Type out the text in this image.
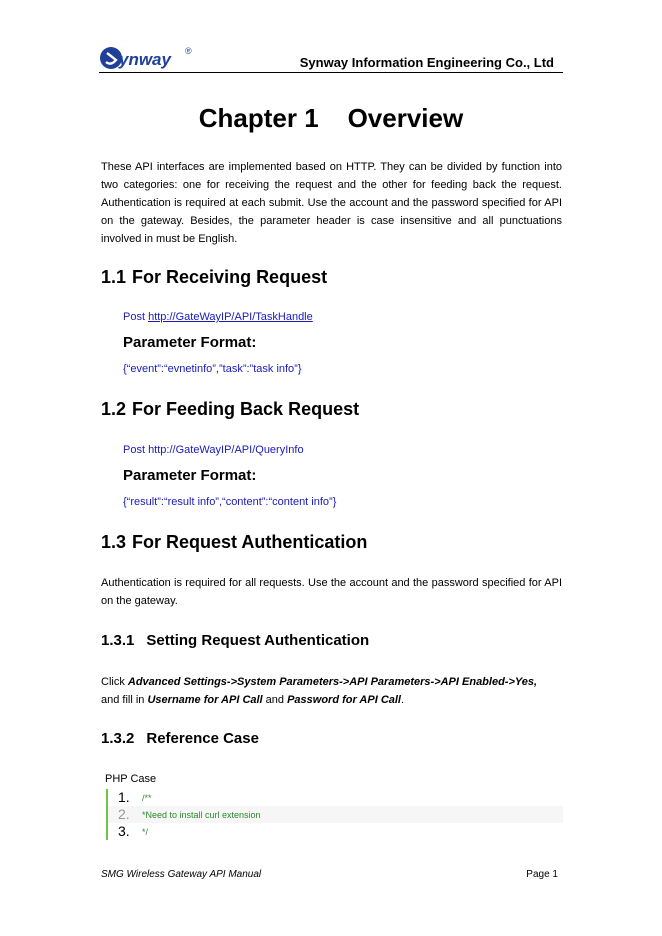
ynway ®
Synway Information Engineering Co., Ltd
Chapter 1    Overview

These API interfaces are implemented based on HTTP. They can be divided by function into two categories: one for receiving the request and the other for feeding back the request. Authentication is required at each submit. Use the account and the password specified for API on the gateway. Besides, the parameter header is case insensitive and all punctuations involved in must be English.

1.1 For Receiving Request
Post http://GateWayIP/API/TaskHandle
Parameter Format:
{“event”:“evnetinfo”,”task”:”task info”}
1.2 For Feeding Back Request
Post http://GateWayIP/API/QueryInfo
Parameter Format:
{“result”:“result info”,“content”:“content info”}
1.3 For Request Authentication

Authentication is required for all requests. Use the account and the password specified for API on the gateway.

1.3.1 Setting Request Authentication

Click Advanced Settings->System Parameters->API Parameters->API Enabled->Yes,
and fill in Username for API Call and Password for API Call.

1.3.2 Reference Case
PHP Case
1.	/**
2.	*Need to install curl extension
3.	*/
SMG Wireless Gateway API Manual	Page 1
